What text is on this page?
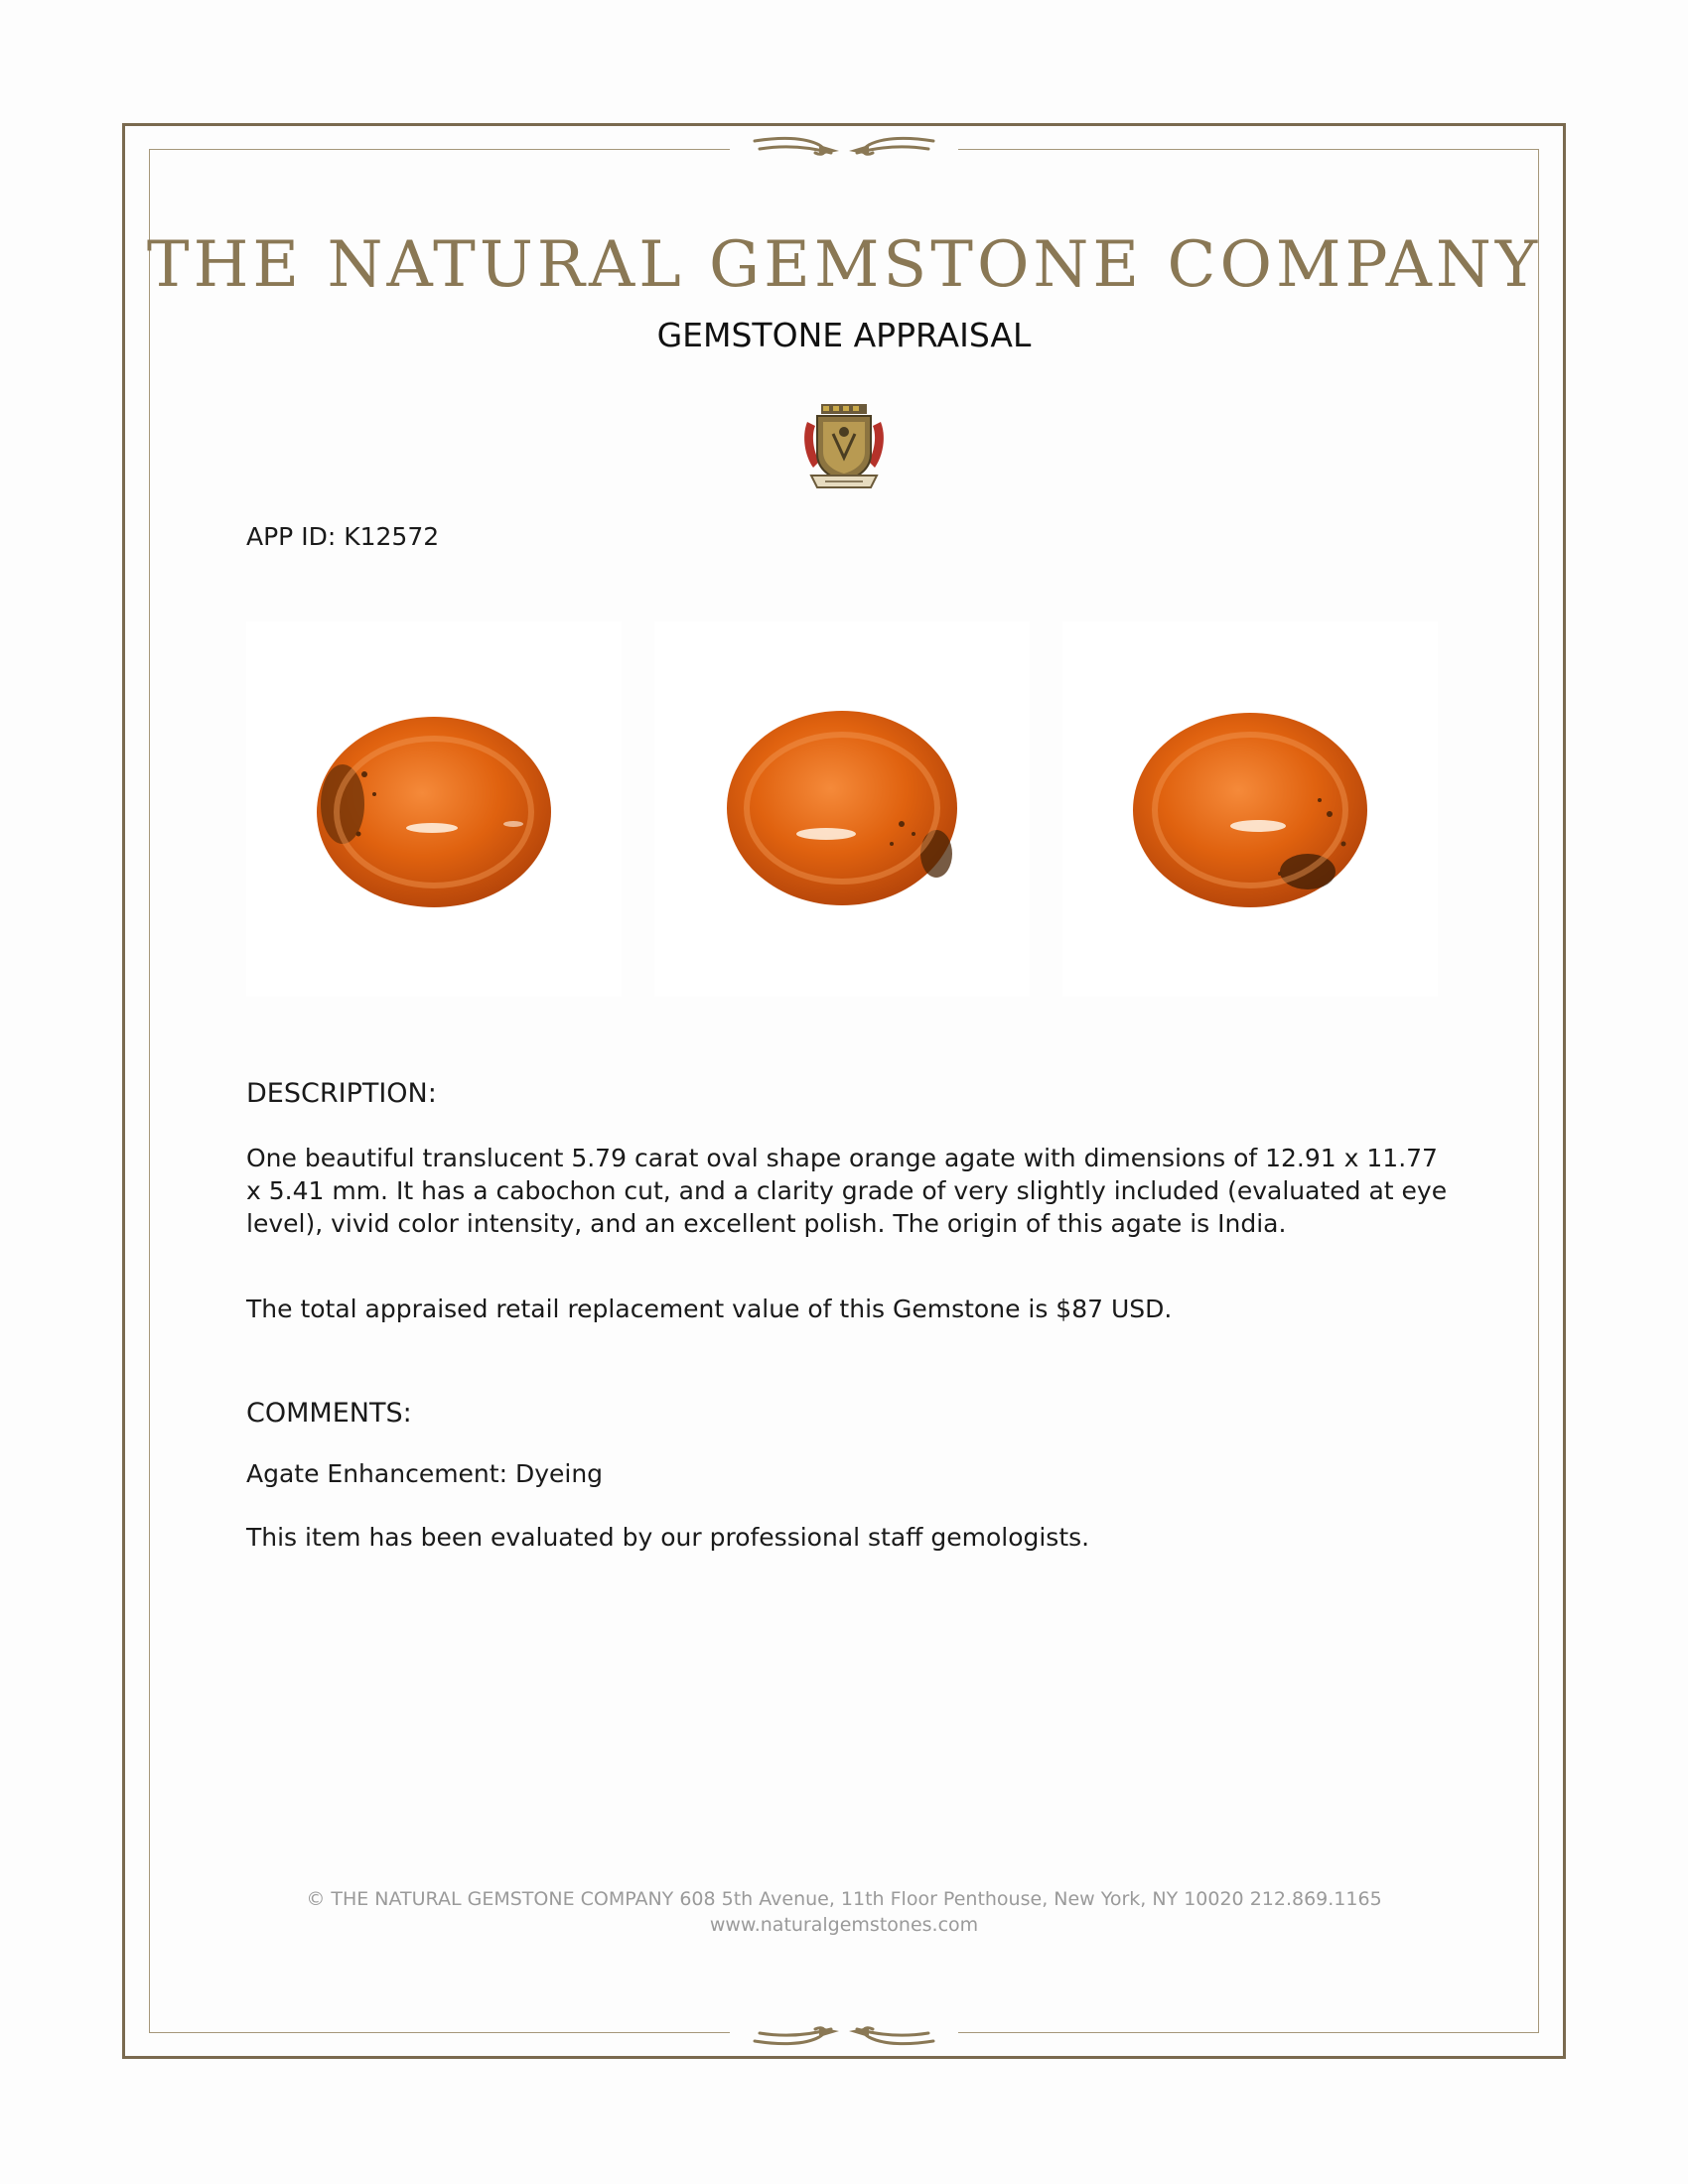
THE NATURAL GEMSTONE COMPANY
GEMSTONE APPRAISAL
APP ID: K12572
DESCRIPTION:
One beautiful translucent 5.79 carat oval shape orange agate with dimensions of 12.91 x 11.77 x 5.41 mm. It has a cabochon cut, and a clarity grade of very slightly included (evaluated at eye level), vivid color intensity, and an excellent polish. The origin of this agate is India.
The total appraised retail replacement value of this Gemstone is $87 USD.
COMMENTS:
Agate Enhancement: Dyeing
This item has been evaluated by our professional staff gemologists.
© THE NATURAL GEMSTONE COMPANY 608 5th Avenue, 11th Floor Penthouse, New York, NY 10020 212.869.1165
www.naturalgemstones.com
